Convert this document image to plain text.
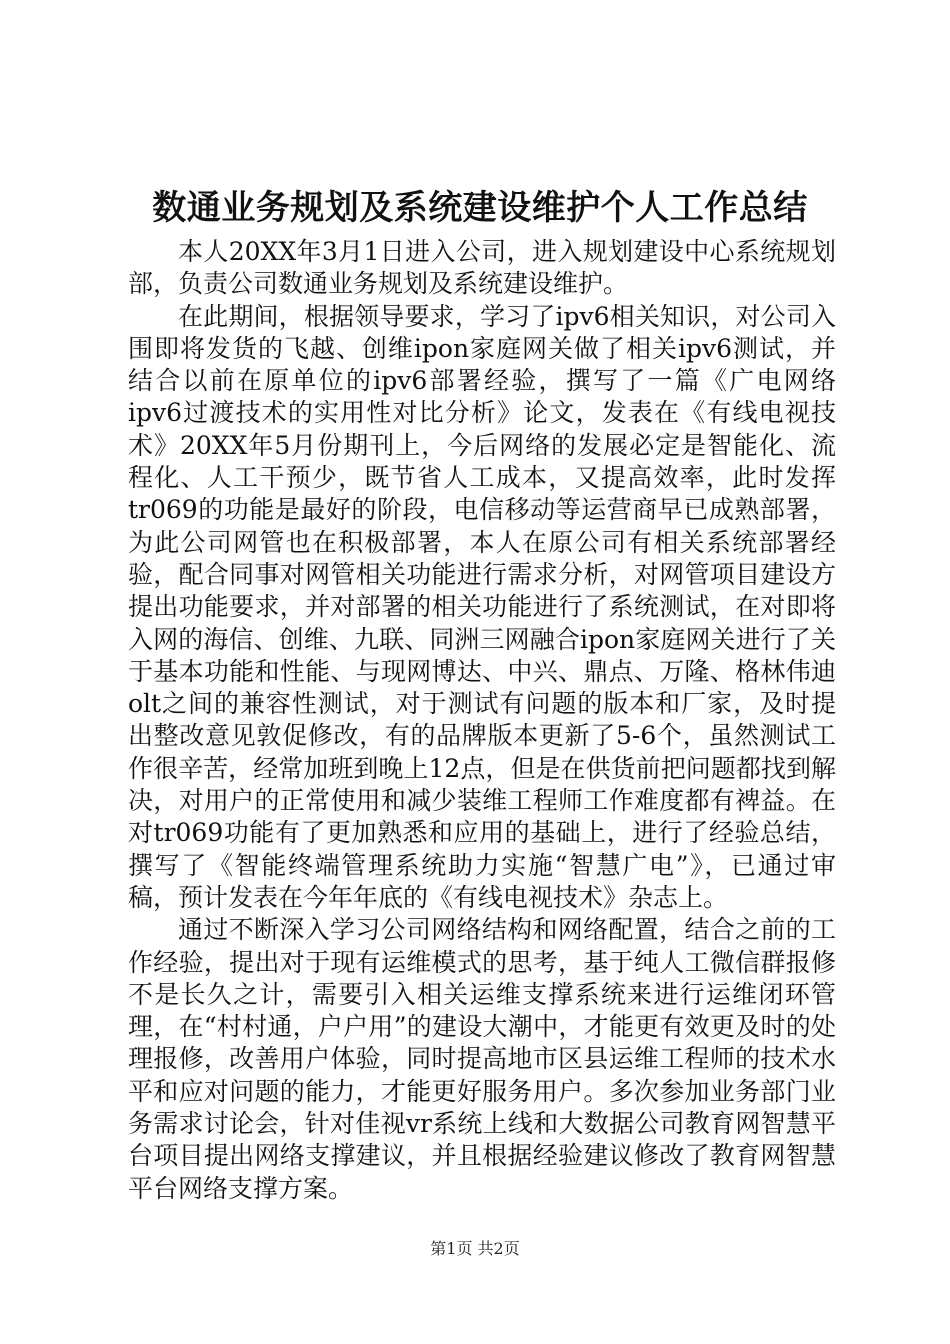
数通业务规划及系统建设维护个人工作总结

本人20XX年3月1日进入公司，进入规划建设中心系统规划部，负责公司数通业务规划及系统建设维护。

在此期间，根据领导要求，学习了ipv6相关知识，对公司入围即将发货的飞越、创维ipon家庭网关做了相关ipv6测试，并结合以前在原单位的ipv6部署经验，撰写了一篇《广电网络ipv6过渡技术的实用性对比分析》论文，发表在《有线电视技术》20XX年5月份期刊上，今后网络的发展必定是智能化、流程化、人工干预少，既节省人工成本，又提高效率，此时发挥tr069的功能是最好的阶段，电信移动等运营商早已成熟部署，为此公司网管也在积极部署，本人在原公司有相关系统部署经验，配合同事对网管相关功能进行需求分析，对网管项目建设方提出功能要求，并对部署的相关功能进行了系统测试，在对即将入网的海信、创维、九联、同洲三网融合ipon家庭网关进行了关于基本功能和性能、与现网博达、中兴、鼎点、万隆、格林伟迪olt之间的兼容性测试，对于测试有问题的版本和厂家，及时提出整改意见敦促修改，有的品牌版本更新了5-6个，虽然测试工作很辛苦，经常加班到晚上12点，但是在供货前把问题都找到解决，对用户的正常使用和减少装维工程师工作难度都有裨益。在对tr069功能有了更加熟悉和应用的基础上，进行了经验总结，撰写了《智能终端管理系统助力实施“智慧广电”》，已通过审稿，预计发表在今年年底的《有线电视技术》杂志上。

通过不断深入学习公司网络结构和网络配置，结合之前的工作经验，提出对于现有运维模式的思考，基于纯人工微信群报修不是长久之计，需要引入相关运维支撑系统来进行运维闭环管理，在“村村通，户户用”的建设大潮中，才能更有效更及时的处理报修，改善用户体验，同时提高地市区县运维工程师的技术水平和应对问题的能力，才能更好服务用户。多次参加业务部门业务需求讨论会，针对佳视vr系统上线和大数据公司教育网智慧平台项目提出网络支撑建议，并且根据经验建议修改了教育网智慧平台网络支撑方案。

第1页 共2页
